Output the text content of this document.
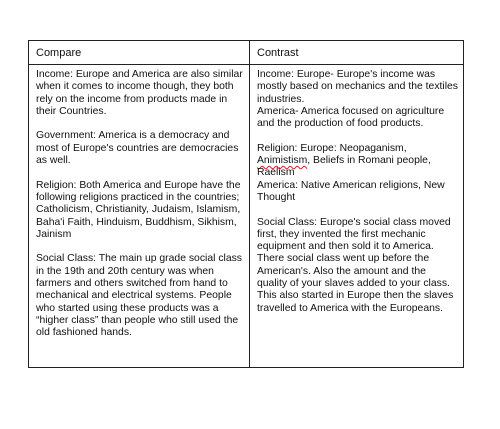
Compare	Contrast

Income: Europe and America are also similar when it comes to income though, they both rely on the income from products made in their Countries.

Government: America is a democracy and most of Europe's countries are democracies as well.

Religion: Both America and Europe have the following religions practiced in the countries; Catholicism, Christianity, Judaism, Islamism, Baha'i Faith, Hinduism, Buddhism, Sikhism, Jainism

Social Class: The main up grade social class in the 19th and 20th century was when farmers and others switched from hand to mechanical and electrical systems. People who started using these products was a “higher class” than people who still used the old fashioned hands.

Income: Europe- Europe's income was mostly based on mechanics and the textiles industries.

America- America focused on agriculture and the production of food products.

Religion: Europe: Neopaganism, Animistism, Beliefs in Romani people, Raelism

America: Native American religions, New Thought

Social Class: Europe's social class moved first, they invented the first mechanic equipment and then sold it to America. There social class went up before the American's. Also the amount and the quality of your slaves added to your class. This also started in Europe then the slaves travelled to America with the Europeans.
